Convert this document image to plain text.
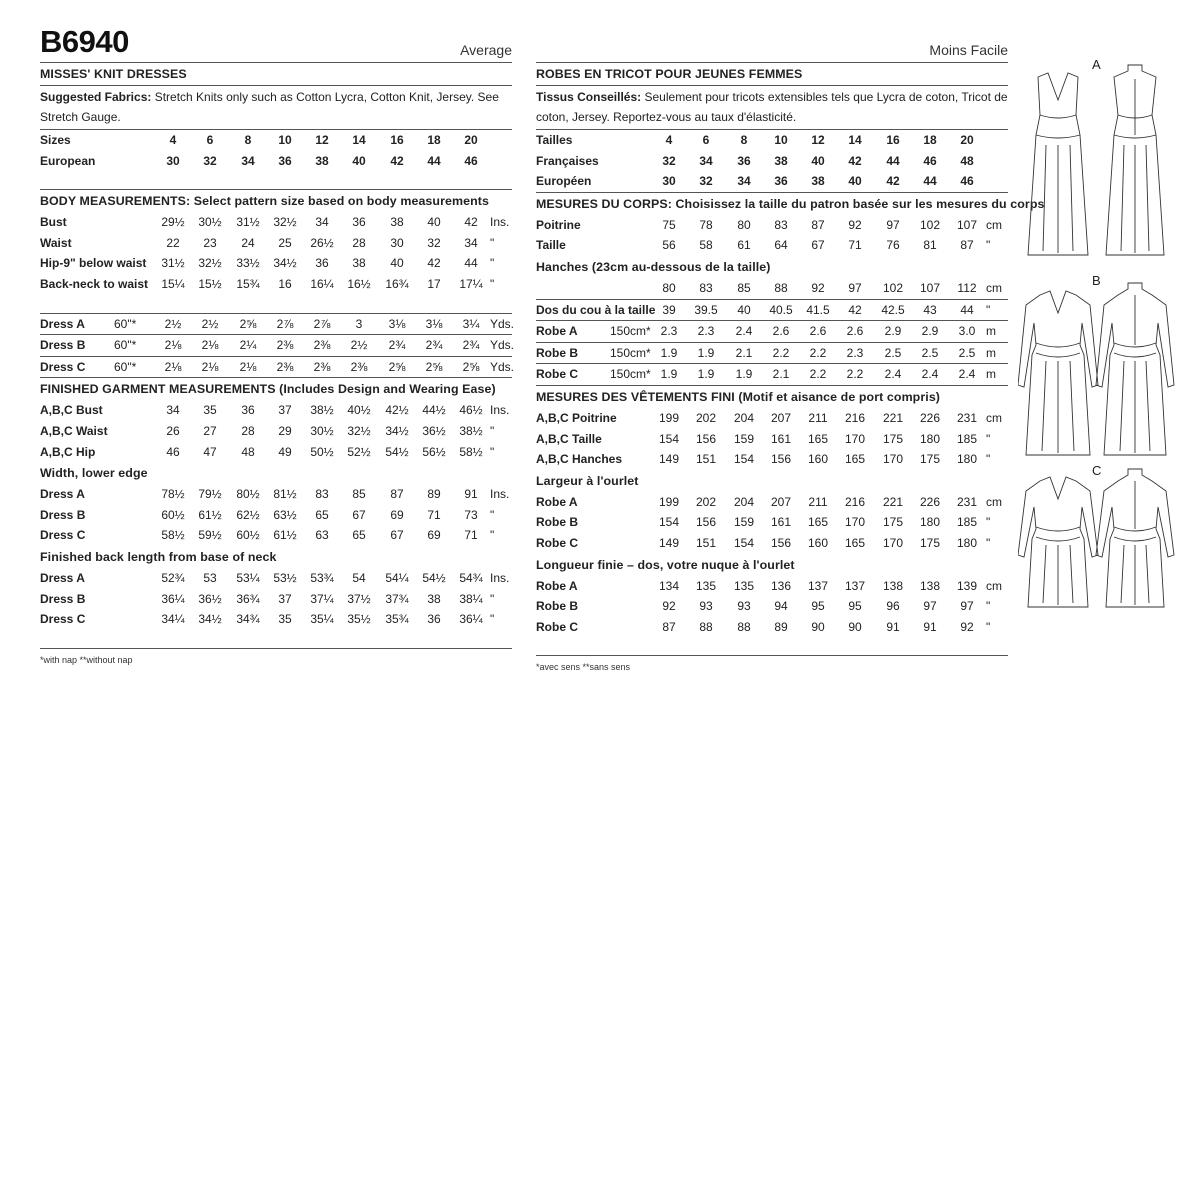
B6940	Average
MISSES' KNIT DRESSES
Suggested Fabrics: Stretch Knits only such as Cotton Lycra, Cotton Knit, Jersey. See Stretch Gauge.
Sizes	4	6	8	10	12	14	16	18	20
European	30	32	34	36	38	40	42	44	46
BODY MEASUREMENTS: Select pattern size based on body measurements
Bust	29½ 30½ 31½ 32½	34	36	38	40	42	Ins.
Waist	22	23	24	25	26½	28	30	32	34	"
Hip-9" below waist 31½ 32½ 33½ 34½	36	38	40	42	44	"
Back-neck to waist 15¼ 15½ 15¾	16	16¼ 16½ 16¾	17	17¼ "
Dress A 60"*	2½	2½	2⅝	2⅞	2⅞	3	3⅛	3⅛	3¼ Yds.
Dress B 60"*	2⅛	2⅛	2¼	2⅜	2⅜	2½	2¾	2¾	2¾ Yds.
Dress C 60"*	2⅛	2⅛	2⅛	2⅜	2⅜	2⅜	2⅝	2⅝	2⅝ Yds.
FINISHED GARMENT MEASUREMENTS (Includes Design and Wearing Ease)
A,B,C Bust	34	35	36	37	38½ 40½ 42½ 44½ 46½ Ins.
A,B,C Waist	26	27	28	29	30½ 32½ 34½ 36½ 38½ "
A,B,C Hip	46	47	48	49	50½ 52½ 54½ 56½ 58½ "
Width, lower edge
Dress A	78½ 79½ 80½ 81½	83	85	87	89	91	Ins.
Dress B	60½ 61½ 62½ 63½	65	67	69	71	73	"
Dress C	58½ 59½ 60½ 61½	63	65	67	69	71	"
Finished back length from base of neck
Dress A	52¾	53	53¼ 53½ 53¾	54	54¼ 54½ 54¾ Ins.
Dress B	36¼ 36½ 36¾	37	37¼ 37½ 37¾	38	38¼ "
Dress C	34¼ 34½ 34¾	35	35¼ 35½ 35¾	36	36¼ "
*with nap **without nap
Moins Facile
ROBES EN TRICOT POUR JEUNES FEMMES
Tissus Conseillés: Seulement pour tricots extensibles tels que Lycra de coton, Tricot de coton, Jersey. Reportez-vous au taux d'élasticité.
Tailles	4	6	8	10	12	14	16	18	20
Françaises	32	34	36	38	40	42	44	46	48
Européen	30	32	34	36	38	40	42	44	46
MESURES DU CORPS: Choisissez la taille du patron basée sur les mesures du corps
Poitrine	75	78	80	83	87	92	97	102	107 cm
Taille	56	58	61	64	67	71	76	81	87	"
Hanches (23cm au-dessous de la taille)
80	83	85	88	92	97	102	107	112 cm
Dos du cou à la taille 39	39.5	40	40.5 41.5	42	42.5	43	44	"
Robe A	150cm* 2.3	2.3	2.4	2.6	2.6	2.6	2.9	2.9	3.0 m
Robe B	150cm* 1.9	1.9	2.1	2.2	2.2	2.3	2.5	2.5	2.5 m
Robe C	150cm* 1.9	1.9	1.9	2.1	2.2	2.2	2.4	2.4	2.4 m
MESURES DES VÊTEMENTS FINI (Motif et aisance de port compris)
A,B,C Poitrine	199	202	204	207	211	216	221	226	231 cm
A,B,C Taille	154	156	159	161	165	170	175	180	185 "
A,B,C Hanches	149	151	154	156	160	165	170	175	180 "
Largeur à l'ourlet
Robe A	199	202	204	207	211	216	221	226	231 cm
Robe B	154	156	159	161	165	170	175	180	185 "
Robe C	149	151	154	156	160	165	170	175	180 "
Longueur finie – dos, votre nuque à l'ourlet
Robe A	134	135	135	136	137	137	138	138	139 cm
Robe B	92	93	93	94	95	95	96	97	97	"
Robe C	87	88	88	89	90	90	91	91	92	"
*avec sens **sans sens
A
B
C
